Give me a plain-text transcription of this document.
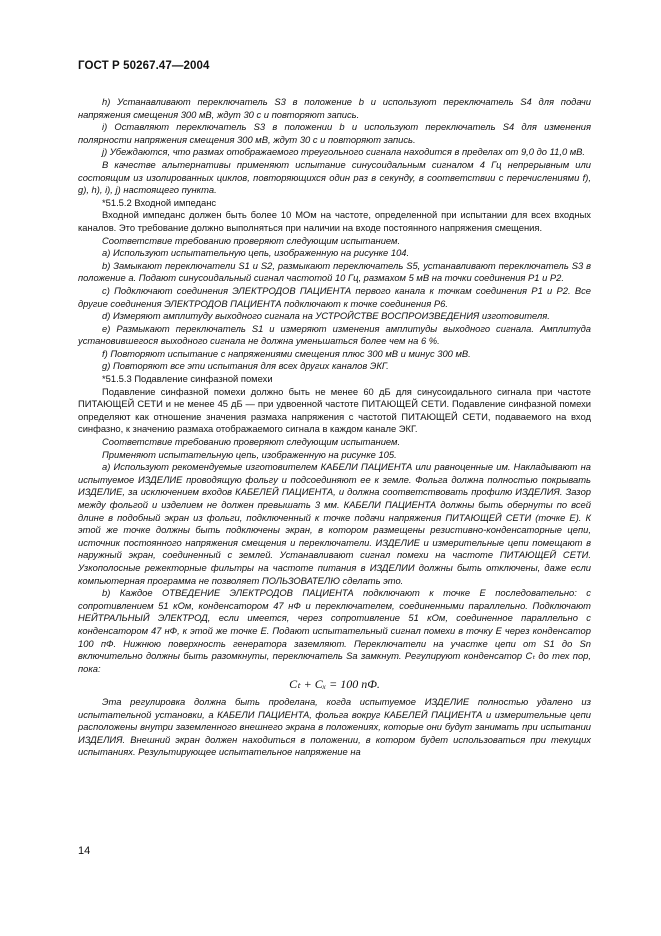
ГОСТ Р 50267.47—2004

h) Устанавливают переключатель S3 в положение b и используют переключатель S4 для подачи напряжения смещения 300 мВ, ждут 30 с и повторяют запись.

i) Оставляют переключатель S3 в положении b и используют переключатель S4 для изменения полярности напряжения смещения 300 мВ, ждут 30 с и повторяют запись.

j) Убеждаются, что размах отображаемого треугольного сигнала находится в пределах от 9,0 до 11,0 мВ.

В качестве альтернативы применяют испытание синусоидальным сигналом 4 Гц непрерывным или состоящим из изолированных циклов, повторяющихся один раз в секунду, в соответствии с перечислениями f), g), h), i), j) настоящего пункта.

*51.5.2 Входной импеданс

Входной импеданс должен быть более 10 МОм на частоте, определенной при испытании для всех входных каналов. Это требование должно выполняться при наличии на входе постоянного напряжения смещения.

Соответствие требованию проверяют следующим испытанием.

a) Используют испытательную цепь, изображенную на рисунке 104.

b) Замыкают переключатели S1 и S2, размыкают переключатель S5, устанавливают переключатель S3 в положение a. Подают синусоидальный сигнал частотой 10 Гц, размахом 5 мВ на точки соединения P1 и P2.

c) Подключают соединения ЭЛЕКТРОДОВ ПАЦИЕНТА первого канала к точкам соединения P1 и P2. Все другие соединения ЭЛЕКТРОДОВ ПАЦИЕНТА подключают к точке соединения P6.

d) Измеряют амплитуду выходного сигнала на УСТРОЙСТВЕ ВОСПРОИЗВЕДЕНИЯ изготовителя.

e) Размыкают переключатель S1 и измеряют изменения амплитуды выходного сигнала. Амплитуда установившегося выходного сигнала не должна уменьшаться более чем на 6 %.

f) Повторяют испытание с напряжениями смещения плюс 300 мВ и минус 300 мВ.

g) Повторяют все эти испытания для всех других каналов ЭКГ.

*51.5.3 Подавление синфазной помехи

Подавление синфазной помехи должно быть не менее 60 дБ для синусоидального сигнала при частоте ПИТАЮЩЕЙ СЕТИ и не менее 45 дБ — при удвоенной частоте ПИТАЮЩЕЙ СЕТИ. Подавление синфазной помехи определяют как отношение значения размаха напряжения с частотой ПИТАЮЩЕЙ СЕТИ, подаваемого на вход синфазно, к значению размаха отображаемого сигнала в каждом канале ЭКГ.

Соответствие требованию проверяют следующим испытанием.

Применяют испытательную цепь, изображенную на рисунке 105.

a) Используют рекомендуемые изготовителем КАБЕЛИ ПАЦИЕНТА или равноценные им. Накладывают на испытуемое ИЗДЕЛИЕ проводящую фольгу и подсоединяют ее к земле. Фольга должна полностью покрывать ИЗДЕЛИЕ, за исключением входов КАБЕЛЕЙ ПАЦИЕНТА, и должна соответствовать профилю ИЗДЕЛИЯ. Зазор между фольгой и изделием не должен превышать 3 мм. КАБЕЛИ ПАЦИЕНТА должны быть обернуты по всей длине в подобный экран из фольги, подключенный к точке подачи напряжения ПИТАЮЩЕЙ СЕТИ (точке E). К этой же точке должны быть подключены экран, в котором размещены резистивно-конденсаторные цепи, источник постоянного напряжения смещения и переключатели. ИЗДЕЛИЕ и измерительные цепи помещают в наружный экран, соединенный с землей. Устанавливают сигнал помехи на частоте ПИТАЮЩЕЙ СЕТИ. Узкополосные режекторные фильтры на частоте питания в ИЗДЕЛИИ должны быть отключены, даже если компьютерная программа не позволяет ПОЛЬЗОВАТЕЛЮ сделать это.

b) Каждое ОТВЕДЕНИЕ ЭЛЕКТРОДОВ ПАЦИЕНТА подключают к точке E последовательно: с сопротивлением 51 кОм, конденсатором 47 нФ и переключателем, соединенными параллельно. Подключают НЕЙТРАЛЬНЫЙ ЭЛЕКТРОД, если имеется, через сопротивление 51 кОм, соединенное параллельно с конденсатором 47 нФ, к этой же точке E. Подают испытательный сигнал помехи в точку E через конденсатор 100 пФ. Нижнюю поверхность генератора заземляют. Переключатели на участке цепи от S1 до Sn включительно должны быть разомкнуты, переключатель Sa замкнут. Регулируют конденсатор Cₜ до тех пор, пока:

Cₜ + Cₓ = 100 пФ.

Эта регулировка должна быть проделана, когда испытуемое ИЗДЕЛИЕ полностью удалено из испытательной установки, а КАБЕЛИ ПАЦИЕНТА, фольга вокруг КАБЕЛЕЙ ПАЦИЕНТА и измерительные цепи расположены внутри заземленного внешнего экрана в положениях, которые они будут занимать при испытании ИЗДЕЛИЯ. Внешний экран должен находиться в положении, в котором будет использоваться при текущих испытаниях. Результирующее испытательное напряжение на

14
